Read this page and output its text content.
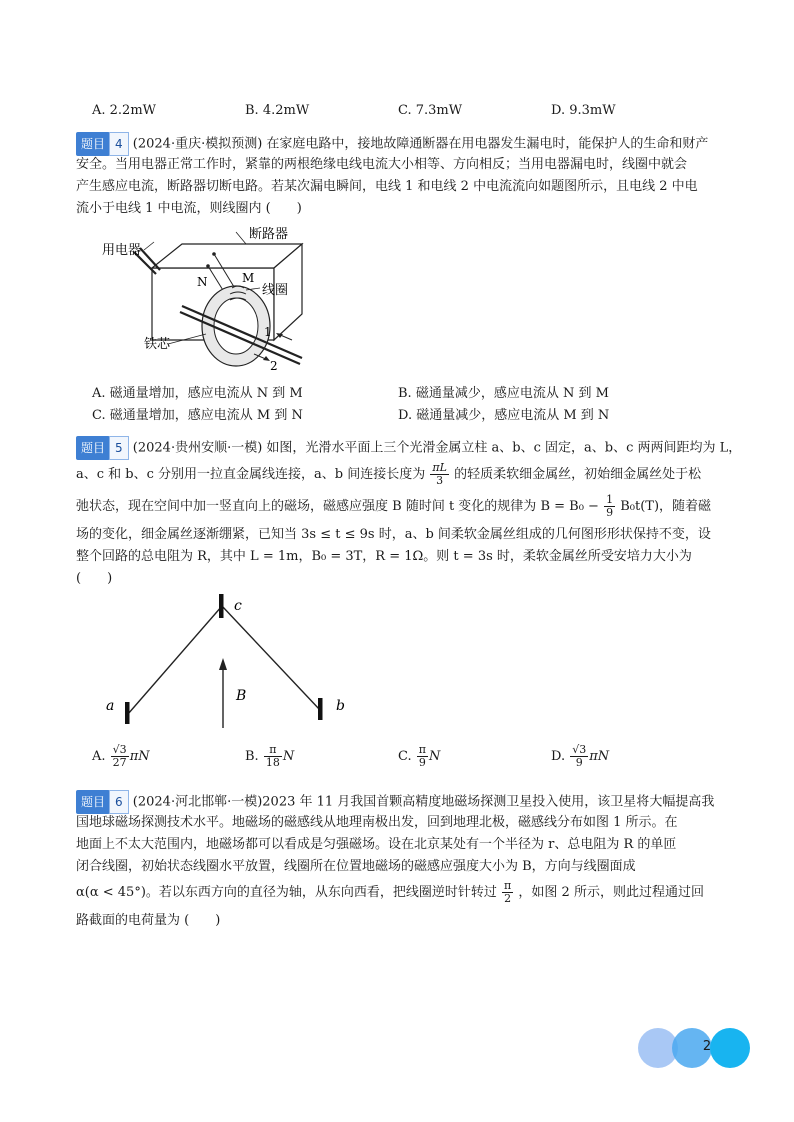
A. 2.2mW	B. 4.2mW	C. 7.3mW	D. 9.3mW
题目 4 (2024·重庆·模拟预测) 在家庭电路中，接地故障通断器在用电器发生漏电时，能保护人的生命和财产
安全。当用电器正常工作时，紧靠的两根绝缘电线电流大小相等、方向相反；当用电器漏电时，线圈中就会
产生感应电流，断路器切断电路。若某次漏电瞬间，电线 1 和电线 2 中电流流向如题图所示，且电线 2 中电
流小于电线 1 中电流，则线圈内 (　　)
用电器
断路器
N	M
线圈
铁芯
1
2
A. 磁通量增加，感应电流从 N 到 M	B. 磁通量减少，感应电流从 N 到 M
C. 磁通量增加，感应电流从 M 到 N	D. 磁通量减少，感应电流从 M 到 N
题目 5 (2024·贵州安顺·一模) 如图，光滑水平面上三个光滑金属立柱 a、b、c 固定，a、b、c 两两间距均为 L，
a、c 和 b、c 分别用一拉直金属线连接，a、b 间连接长度为 $\frac{\pi L}{3}$ 的轻质柔软细金属丝，初始细金属丝处于松
弛状态，现在空间中加一竖直向上的磁场，磁感应强度 B 随时间 t 变化的规律为 $B = B_0 - \frac{1}{9} B_0t(T)$，随着磁
场的变化，细金属丝逐渐绷紧，已知当 3s ≤ t ≤ 9s 时，a、b 间柔软金属丝组成的几何图形形状保持不变，设
整个回路的总电阻为 R，其中 L = 1m，B₀ = 3T，R = 1Ω。则 t = 3s 时，柔软金属丝所受安培力大小为
(　　)
c
a	b
B
A. $\frac{√3}{27}$ πN	B. $\frac{\pi}{18}$ N	C. $\frac{\pi}{9}$ N	D. $\frac{√3}{9}$ πN
题目 6 (2024·河北邯郸·一模)2023 年 11 月我国首颗高精度地磁场探测卫星投入使用，该卫星将大幅提高我
国地球磁场探测技术水平。地磁场的磁感线从地理南极出发，回到地理北极，磁感线分布如图 1 所示。在
地面上不太大范围内，地磁场都可以看成是匀强磁场。设在北京某处有一个半径为 r、总电阻为 R 的单匝
闭合线圈，初始状态线圈水平放置，线圈所在位置地磁场的磁感应强度大小为 B，方向与线圈面成
α(α < 45°)。若以东西方向的直径为轴，从东向西看，把线圈逆时针转过 $\frac{\pi}{2}$ ，如图 2 所示，则此过程通过回
路截面的电荷量为 (　　)
2
